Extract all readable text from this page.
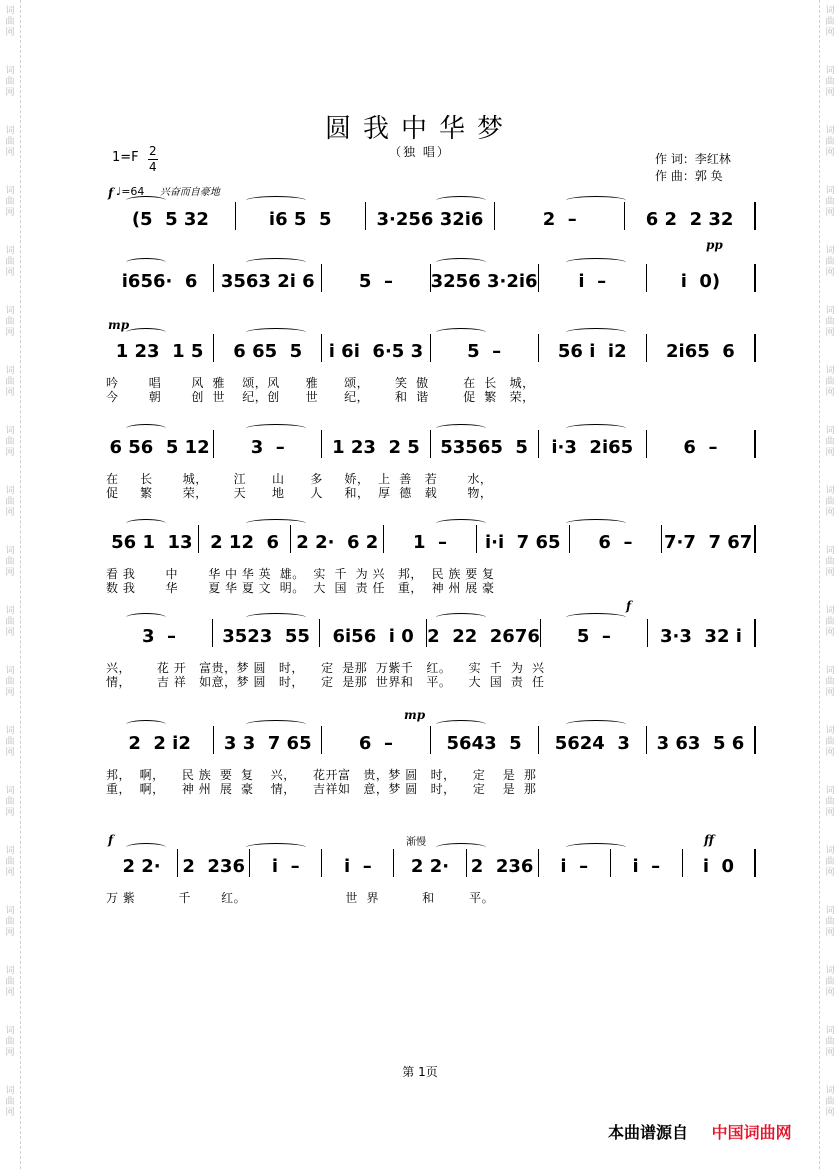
词
曲
网
词
曲
网
词
曲
网
词
曲
网
词
曲
网
词
曲
网
词
曲
网
词
曲
网
词
曲
网
词
曲
网
词
曲
网
词
曲
网
词
曲
网
词
曲
网
词
曲
网
词
曲
网
词
曲
网
词
曲
网
词
曲
网
词
曲
网
词
曲
网
词
曲
网
词
曲
网
词
曲
网
词
曲
网
词
曲
网
词
曲
网
词
曲
网
词
曲
网
词
曲
网
词
曲
网
词
曲
网
词
曲
网
词
曲
网
词
曲
网
词
曲
网
词
曲
网
词
曲
网
圆我中华梦
（独 唱）
1=F 2
4
作 词：李红林
作 曲：郭 奂
♩=64 兴奋而自豪地
(5  5 32	i6 5  5	3·256 32i6	2  –	6 2  2 32
f
i656·  6	3563 2i 6	5  –	3256 3·2i6	i  –	i  0)
pp
1 23  1 5	6 65  5	i 6i  6·5 3	5  –	56 i  i2	2i65  6
mp
吟       唱       风  雅    颂，风      雅      颂，      笑  傲        在  长   城，
今       朝       创  世    纪，创      世      纪，      和  谐        促  繁   荣，
6 56  5 12	3  –	1 23  2 5	53565  5	i·3  2i65	6  –
在     长       城，      江      山      多     娇，  上  善   若       水，
促     繁       荣，      天      地      人     和，  厚  德   载       物，
56 1  13 2 12  6 2 2·  6 2	1  –	i·i  7 65	6  –	7·7  7 67
看 我       中       华 中 华 英  雄。  实  千  为 兴   邦，  民 族 要 复
数 我       华       夏 华 夏 文  明。  大  国  责 任   重，  神 州 展 豪
3  –	3523  55	6i56  i 0 2  22  2676	5  –	3·3  32 i
f
兴，      花 开   富贵，梦 圆   时，    定  是那  万紫千   红。    实  千  为  兴
情，      吉 祥   如意，梦 圆   时，    定  是那  世界和   平。    大  国  责  任
2  2 i2	3 3  7 65	6  –	5643  5	5624  3	3 63  5 6
mp
邦，  啊，    民 族  要  复    兴，    花开富   贵，梦 圆   时，    定    是  那
重，  啊，    神 州  展  豪    情，    吉祥如   意，梦 圆   时，    定    是  那
2 2·	2  236	i  –	i  –	2 2·	2  236	i  –	i  –	i  0
f	ff
渐慢
万 紫          千       红。                       世  界          和        平。
第 1页
本曲谱源自 中国词曲网
